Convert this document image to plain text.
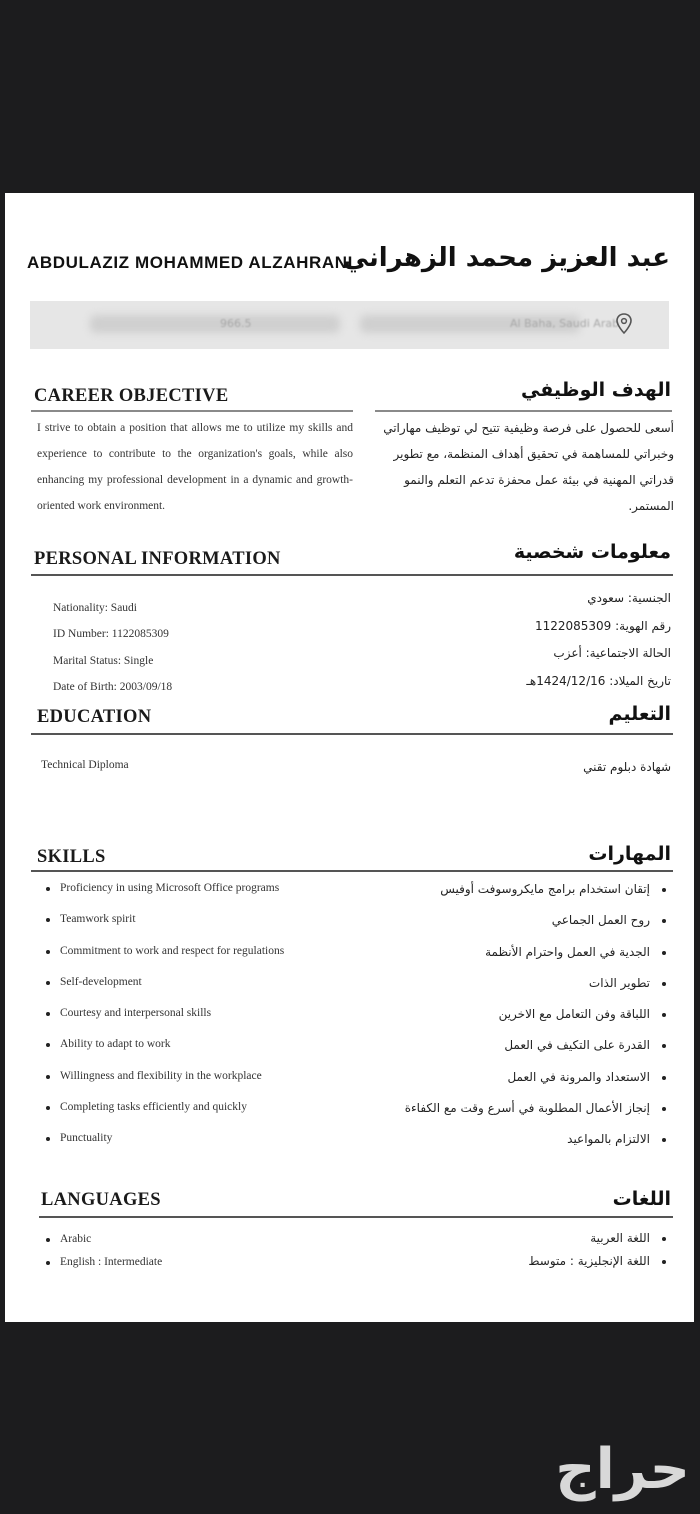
ABDULAZIZ MOHAMMED ALZAHRANI
عبد العزيز محمد الزهراني
966.5	Al Baha, Saudi Arab
CAREER OBJECTIVE	الهدف الوظيفي
I strive to obtain a position that allows me to utilize my skills and experience to contribute to the organization's goals, while also enhancing my professional development in a dynamic and growth-oriented work environment.
أسعى للحصول على فرصة وظيفية تتيح لي توظيف مهاراتي وخبراتي للمساهمة في تحقيق أهداف المنظمة، مع تطوير قدراتي المهنية في بيئة عمل محفزة تدعم التعلم والنمو المستمر.
PERSONAL INFORMATION	معلومات شخصية
Nationality: Saudi
ID Number: 1122085309
Marital Status: Single
Date of Birth: 2003/09/18
الجنسية: سعودي
رقم الهوية: 1122085309
الحالة الاجتماعية: أعزب
تاريخ الميلاد: 1424/12/16هـ
EDUCATION	التعليم
Technical Diploma	شهادة دبلوم تقني
SKILLS	المهارات
Proficiency in using Microsoft Office programs
Teamwork spirit
Commitment to work and respect for regulations
Self-development
Courtesy and interpersonal skills
Ability to adapt to work
Willingness and flexibility in the workplace
Completing tasks efficiently and quickly
Punctuality
إتقان استخدام برامج مايكروسوفت أوفيس
روح العمل الجماعي
الجدية في العمل واحترام الأنظمة
تطوير الذات
اللباقة وفن التعامل مع الاخرين
القدرة على التكيف في العمل
الاستعداد والمرونة في العمل
إنجاز الأعمال المطلوبة في أسرع وقت مع الكفاءة
الالتزام بالمواعيد
LANGUAGES	اللغات
Arabic
English : Intermediate
اللغة العربية
اللغة الإنجليزية : متوسط
حراج
